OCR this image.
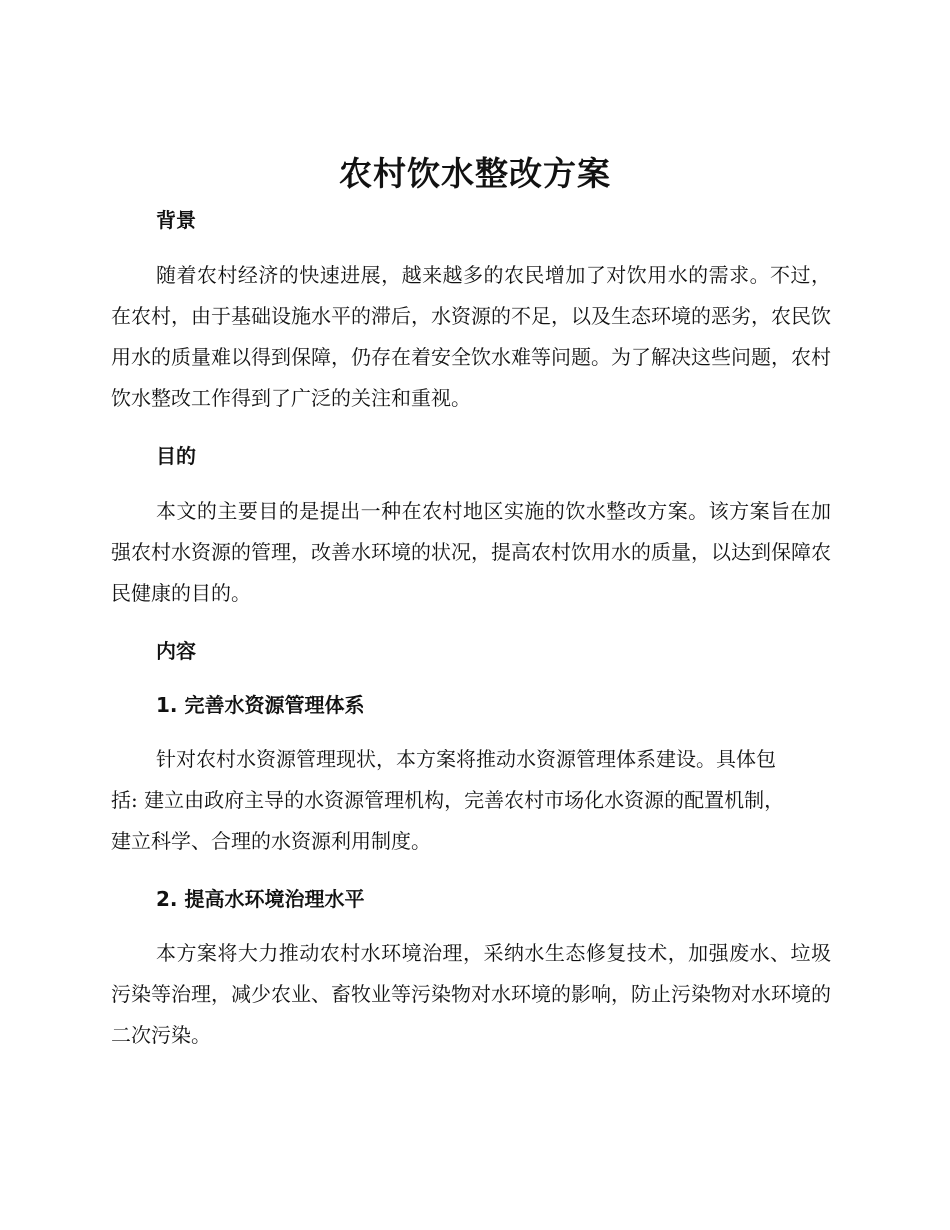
农村饮水整改方案
背景

随着农村经济的快速进展，越来越多的农民增加了对饮用水的需求。不过，在农村，由于基础设施水平的滞后，水资源的不足，以及生态环境的恶劣，农民饮用水的质量难以得到保障，仍存在着安全饮水难等问题。为了解决这些问题，农村饮水整改工作得到了广泛的关注和重视。

目的

本文的主要目的是提出一种在农村地区实施的饮水整改方案。该方案旨在加强农村水资源的管理，改善水环境的状况，提高农村饮用水的质量，以达到保障农民健康的目的。

内容
1. 完善水资源管理体系

针对农村水资源管理现状，本方案将推动水资源管理体系建设。具体包括: 建立由政府主导的水资源管理机构，完善农村市场化水资源的配置机制，建立科学、合理的水资源利用制度。

2. 提高水环境治理水平

本方案将大力推动农村水环境治理，采纳水生态修复技术，加强废水、垃圾污染等治理，减少农业、畜牧业等污染物对水环境的影响，防止污染物对水环境的二次污染。
